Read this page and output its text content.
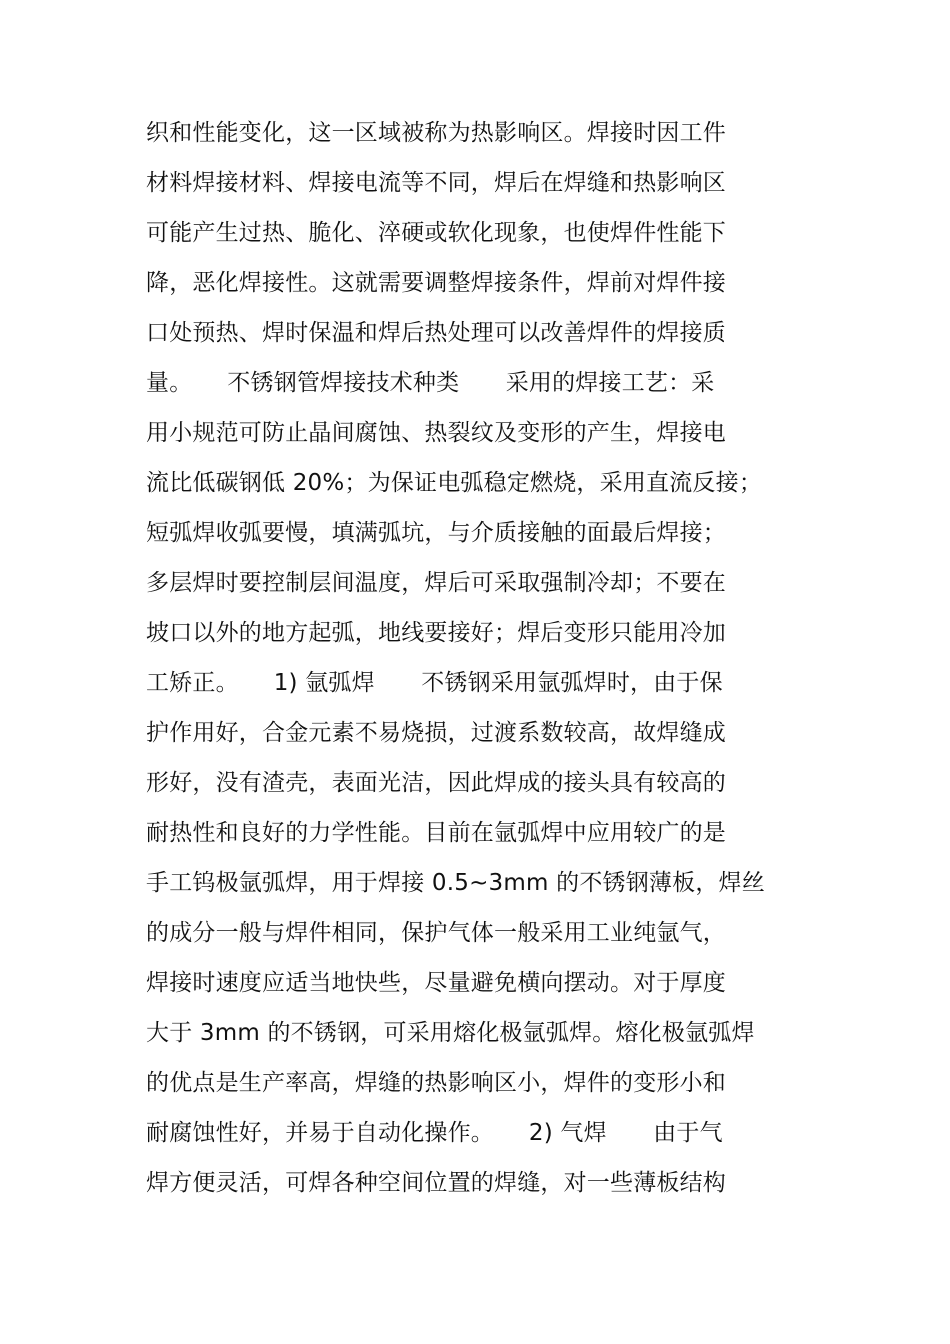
织和性能变化，这一区域被称为热影响区。焊接时因工件
材料焊接材料、焊接电流等不同，焊后在焊缝和热影响区
可能产生过热、脆化、淬硬或软化现象，也使焊件性能下
降，恶化焊接性。这就需要调整焊接条件，焊前对焊件接
口处预热、焊时保温和焊后热处理可以改善焊件的焊接质
量。　　不锈钢管焊接技术种类　　采用的焊接工艺：采
用小规范可防止晶间腐蚀、热裂纹及变形的产生，焊接电
流比低碳钢低 20%；为保证电弧稳定燃烧，采用直流反接；
短弧焊收弧要慢，填满弧坑，与介质接触的面最后焊接；
多层焊时要控制层间温度，焊后可采取强制冷却；不要在
坡口以外的地方起弧，地线要接好；焊后变形只能用冷加
工矫正。　　1) 氩弧焊　　不锈钢采用氩弧焊时，由于保
护作用好，合金元素不易烧损，过渡系数较高，故焊缝成
形好，没有渣壳，表面光洁，因此焊成的接头具有较高的
耐热性和良好的力学性能。目前在氩弧焊中应用较广的是
手工钨极氩弧焊，用于焊接 0.5~3mm 的不锈钢薄板，焊丝
的成分一般与焊件相同，保护气体一般采用工业纯氩气，
焊接时速度应适当地快些，尽量避免横向摆动。对于厚度
大于 3mm 的不锈钢，可采用熔化极氩弧焊。熔化极氩弧焊
的优点是生产率高，焊缝的热影响区小，焊件的变形小和
耐腐蚀性好，并易于自动化操作。　　2) 气焊　　由于气
焊方便灵活，可焊各种空间位置的焊缝，对一些薄板结构
